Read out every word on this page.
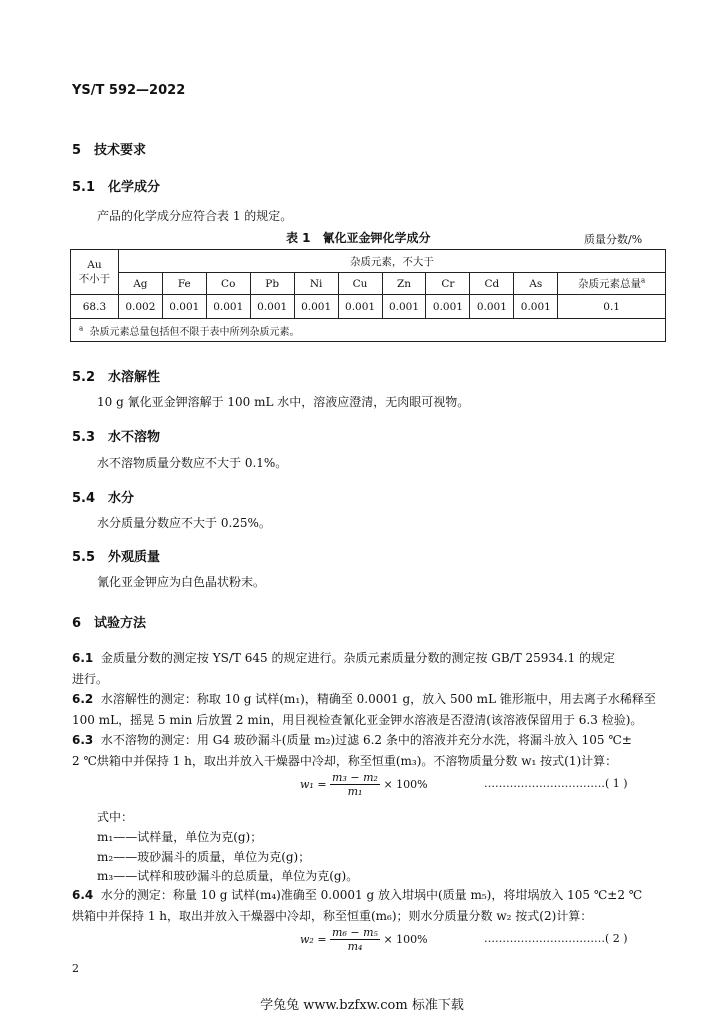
YS/T 592—2022
5　技术要求
5.1　化学成分
产品的化学成分应符合表 1 的规定。
表 1　氰化亚金钾化学成分	质量分数/%
Au
不小于	杂质元素，不大于										
	Ag	Fe	Co	Pb	Ni	Cu	Zn	Cr	Cd	As	杂质元素总量$^a$
68.3	0.002	0.001	0.001	0.001	0.001	0.001	0.001	0.001	0.001	0.001	0.1
$^a$ 杂质元素总量包括但不限于表中所列杂质元素。											
5.2　水溶解性
10 g 氰化亚金钾溶解于 100 mL 水中，溶液应澄清，无肉眼可视物。
5.3　水不溶物
水不溶物质量分数应不大于 0.1%。
5.4　水分
水分质量分数应不大于 0.25%。
5.5　外观质量
氰化亚金钾应为白色晶状粉末。
6　试验方法
6.1 金质量分数的测定按 YS/T 645 的规定进行。杂质元素质量分数的测定按 GB/T 25934.1 的规定
进行。
6.2 水溶解性的测定：称取 10 g 试样(m₁)，精确至 0.0001 g，放入 500 mL 锥形瓶中，用去离子水稀释至
100 mL，摇晃 5 min 后放置 2 min，用目视检查氰化亚金钾水溶液是否澄清(该溶液保留用于 6.3 检验)。
6.3 水不溶物的测定：用 G4 玻砂漏斗(质量 m₂)过滤 6.2 条中的溶液并充分水洗，将漏斗放入 105 ℃±
2 ℃烘箱中并保持 1 h，取出并放入干燥器中冷却，称至恒重(m₃)。不溶物质量分数 w₁ 按式(1)计算：
$w_1 = \frac{\text{m₃ − m₂}}{\text{m₁}} \times 100\%$	……………………………( 1 )
式中：
m₁——试样量，单位为克(g)；
m₂——玻砂漏斗的质量，单位为克(g)；
m₃——试样和玻砂漏斗的总质量，单位为克(g)。
6.4 水分的测定：称量 10 g 试样(m₄)准确至 0.0001 g 放入坩埚中(质量 m₅)，将坩埚放入 105 ℃±2 ℃
烘箱中并保持 1 h，取出并放入干燥器中冷却，称至恒重(m₆)；则水分质量分数 w₂ 按式(2)计算：
$w_2 = \frac{\text{m₆ − m₅}}{\text{m₄}} \times 100\%$	……………………………( 2 )
2
学兔兔 www.bzfxw.com 标准下载
